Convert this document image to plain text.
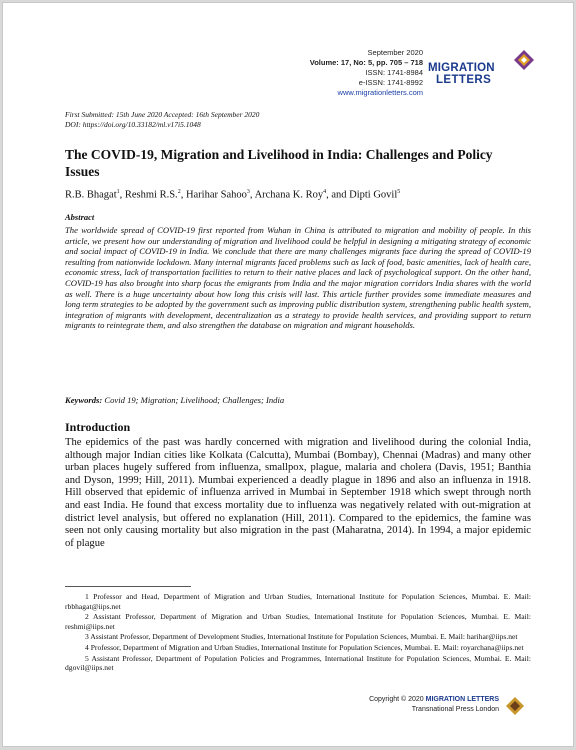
September 2020
Volume: 17, No: 5, pp. 705 – 718
ISSN: 1741-8984
e-ISSN: 1741-8992
www.migrationletters.com
MIGRATION
LETTERS
First Submitted: 15th June 2020 Accepted: 16th September 2020
DOI: https://doi.org/10.33182/ml.v17i5.1048
The COVID-19, Migration and Livelihood in India: Challenges and Policy Issues
R.B. Bhagat$^1$, Reshmi R.S.$^2$, Harihar Sahoo$^3$, Archana K. Roy$^4$, and Dipti Govil$^5$
Abstract
The worldwide spread of COVID-19 first reported from Wuhan in China is attributed to migration and mobility of people. In this article, we present how our understanding of migration and livelihood could be helpful in designing a mitigating strategy of economic and social impact of COVID-19 in India. We conclude that there are many challenges migrants face during the spread of COVID-19 resulting from nationwide lockdown. Many internal migrants faced problems such as lack of food, basic amenities, lack of health care, economic stress, lack of transportation facilities to return to their native places and lack of psychological support. On the other hand, COVID-19 has also brought into sharp focus the emigrants from India and the major migration corridors India shares with the world as well. There is a huge uncertainty about how long this crisis will last. This article further provides some immediate measures and long term strategies to be adopted by the government such as improving public distribution system, strengthening public health system, integration of migrants with development, decentralization as a strategy to provide health services, and providing support to return migrants to reintegrate them, and also strengthen the database on migration and migrant households.
Keywords: Covid 19; Migration; Livelihood; Challenges; India
Introduction
The epidemics of the past was hardly concerned with migration and livelihood during the colonial India, although major Indian cities like Kolkata (Calcutta), Mumbai (Bombay), Chennai (Madras) and many other urban places hugely suffered from influenza, smallpox, plague, malaria and cholera (Davis, 1951; Banthia and Dyson, 1999; Hill, 2011). Mumbai experienced a deadly plague in 1896 and also an influenza in 1918. Hill observed that epidemic of influenza arrived in Mumbai in September 1918 which swept through north and east India. He found that excess mortality due to influenza was negatively related with out-migration at district level analysis, but offered no explanation (Hill, 2011). Compared to the epidemics, the famine was seen not only causing mortality but also migration in the past (Maharatna, 2014). In 1994, a major epidemic of plague

1 Professor and Head, Department of Migration and Urban Studies, International Institute for Population Sciences, Mumbai. E. Mail: rbbhagat@iips.net

2 Assistant Professor, Department of Migration and Urban Studies, International Institute for Population Sciences, Mumbai. E. Mail: reshmi@iips.net

3 Assistant Professor, Department of Development Studies, International Institute for Population Sciences, Mumbai. E. Mail: harihar@iips.net

4 Professor, Department of Migration and Urban Studies, International Institute for Population Sciences, Mumbai. E. Mail: royarchana@iips.net

5 Assistant Professor, Department of Population Policies and Programmes, International Institute for Population Sciences, Mumbai. E. Mail: dgovil@iips.net

Copyright © 2020 MIGRATION LETTERS
Transnational Press London
